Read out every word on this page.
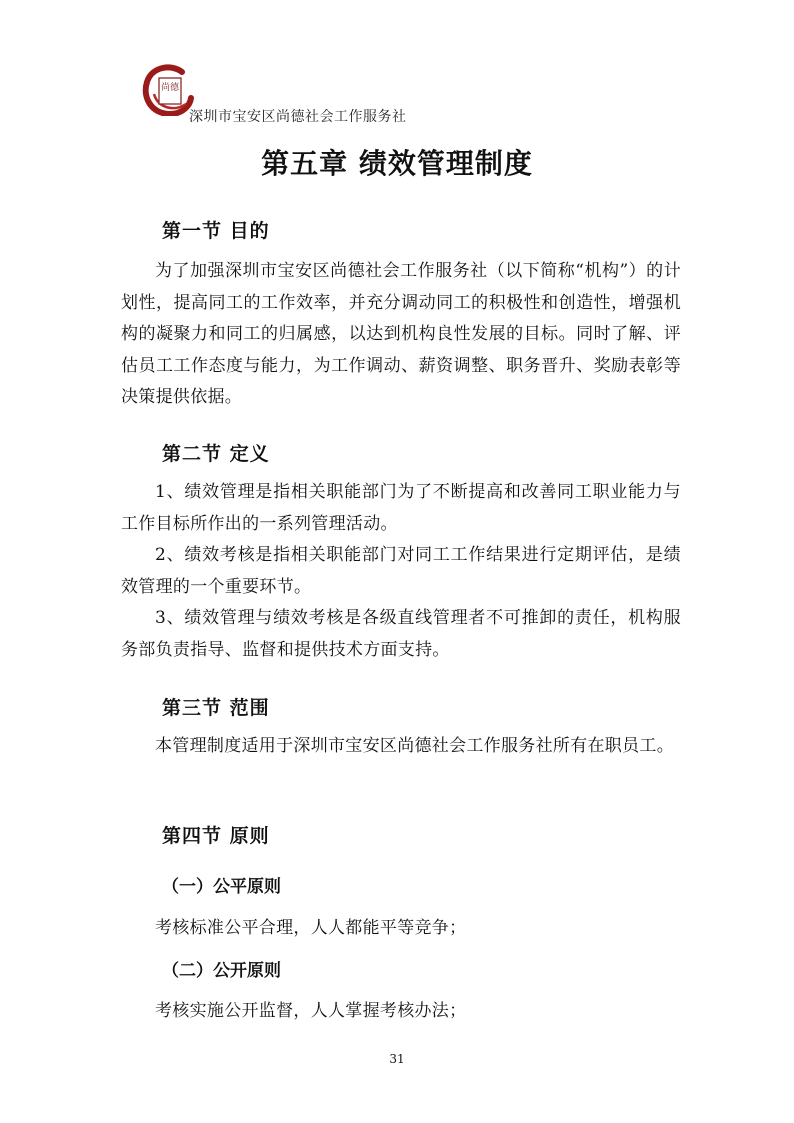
尚德
深圳市宝安区尚德社会工作服务社
第五章 绩效管理制度
第一节 目的
为了加强深圳市宝安区尚德社会工作服务社（以下简称“机构”）的计划性，提高同工的工作效率，并充分调动同工的积极性和创造性，增强机构的凝聚力和同工的归属感，以达到机构良性发展的目标。同时了解、评估员工工作态度与能力，为工作调动、薪资调整、职务晋升、奖励表彰等决策提供依据。
第二节 定义
1、绩效管理是指相关职能部门为了不断提高和改善同工职业能力与工作目标所作出的一系列管理活动。
2、绩效考核是指相关职能部门对同工工作结果进行定期评估，是绩效管理的一个重要环节。
3、绩效管理与绩效考核是各级直线管理者不可推卸的责任，机构服务部负责指导、监督和提供技术方面支持。
第三节 范围
本管理制度适用于深圳市宝安区尚德社会工作服务社所有在职员工。
第四节 原则
（一）公平原则
考核标准公平合理，人人都能平等竞争；
（二）公开原则
考核实施公开监督，人人掌握考核办法；
31
